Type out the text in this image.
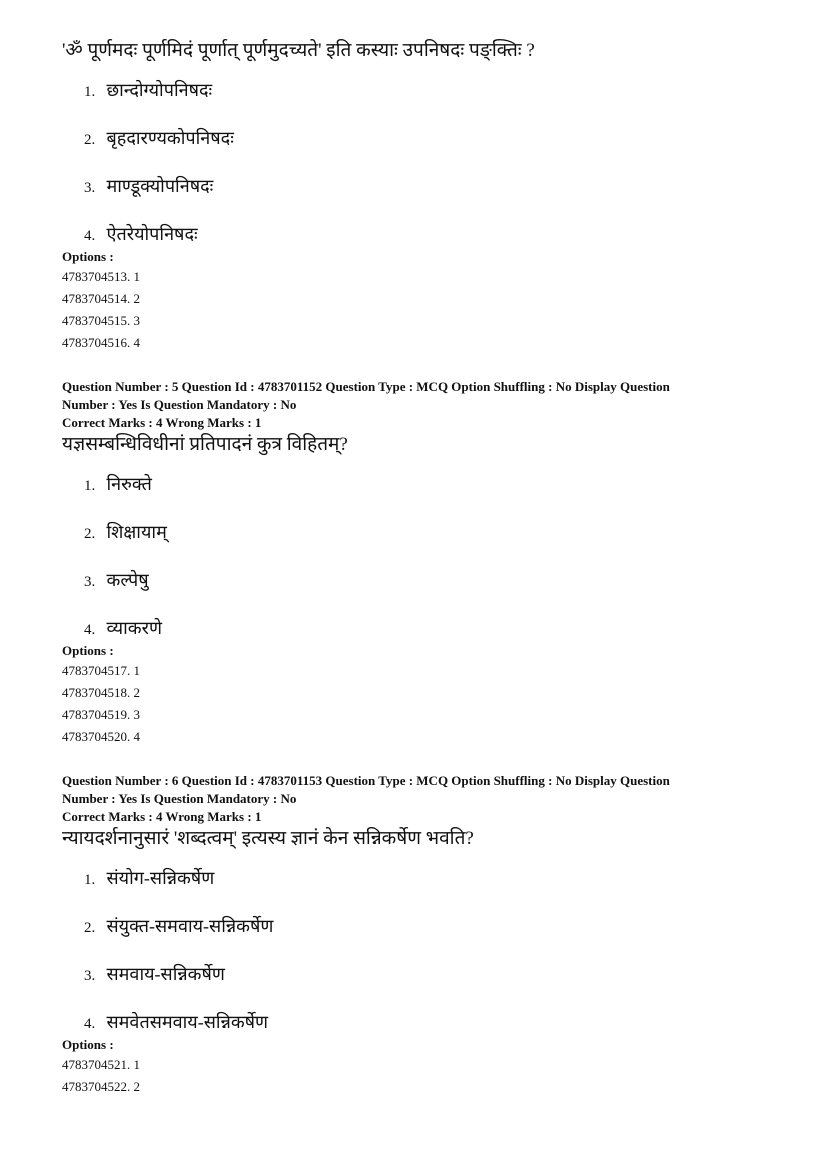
'ॐ पूर्णमदः पूर्णमिदं पूर्णात् पूर्णमुदच्यते' इति कस्याः उपनिषदः पङ्क्तिः ?

1. छान्दोग्योपनिषदः
2. बृहदारण्यकोपनिषदः
3. माण्डूक्योपनिषदः
4. ऐतरेयोपनिषदः

Options :

4783704513. 1

4783704514. 2

4783704515. 3

4783704516. 4

Question Number : 5 Question Id : 4783701152 Question Type : MCQ Option Shuffling : No Display Question

Number : Yes Is Question Mandatory : No

Correct Marks : 4 Wrong Marks : 1

यज्ञसम्बन्धिविधीनां प्रतिपादनं कुत्र विहितम्?

1. निरुक्ते
2. शिक्षायाम्
3. कल्पेषु
4. व्याकरणे

Options :

4783704517. 1

4783704518. 2

4783704519. 3

4783704520. 4

Question Number : 6 Question Id : 4783701153 Question Type : MCQ Option Shuffling : No Display Question

Number : Yes Is Question Mandatory : No

Correct Marks : 4 Wrong Marks : 1

न्यायदर्शनानुसारं 'शब्दत्वम्' इत्यस्य ज्ञानं केन सन्निकर्षेण भवति?

1. संयोग-सन्निकर्षेण
2. संयुक्त-समवाय-सन्निकर्षेण
3. समवाय-सन्निकर्षेण
4. समवेतसमवाय-सन्निकर्षेण

Options :

4783704521. 1

4783704522. 2
